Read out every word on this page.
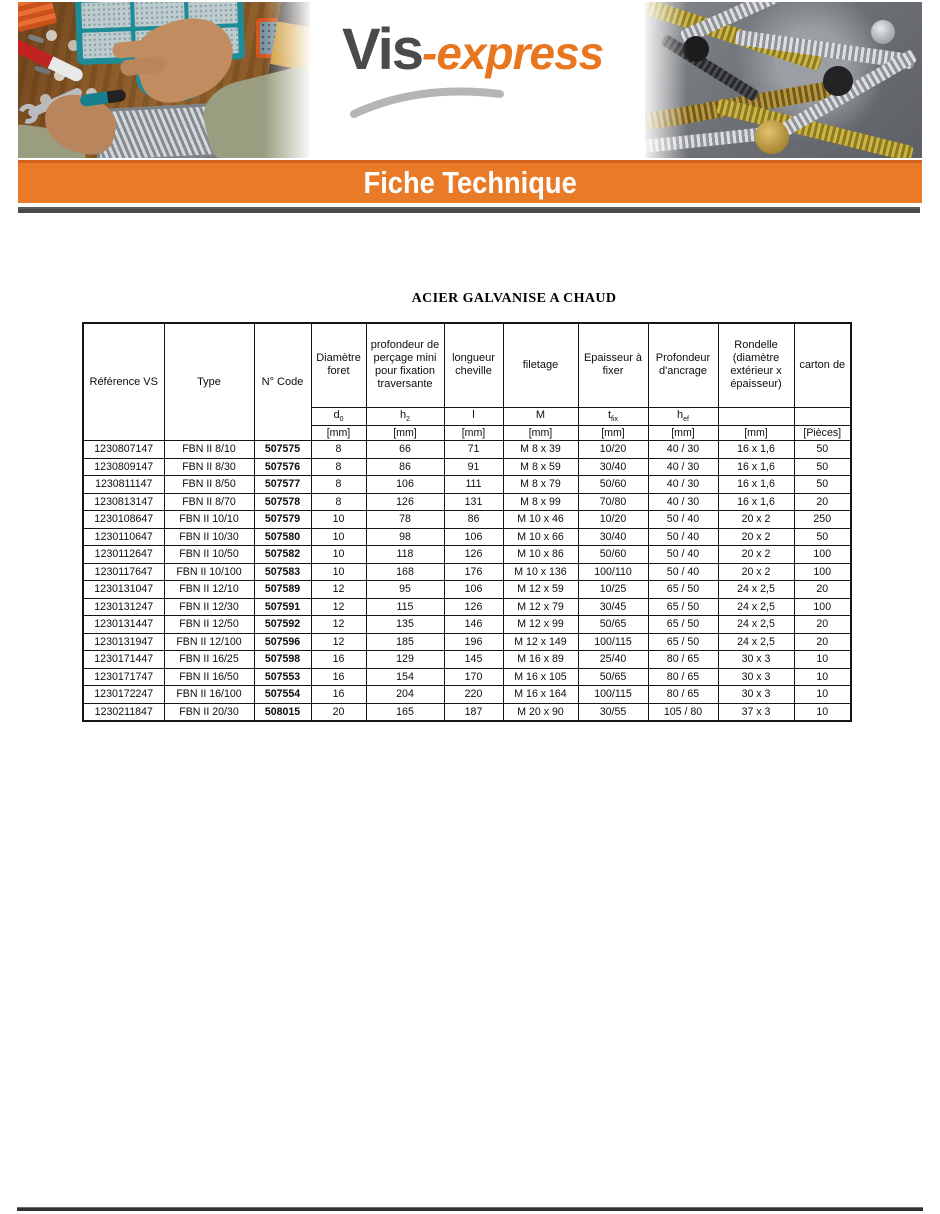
Vis-express
Fiche Technique
ACIER GALVANISE A CHAUD
Référence VS	Type	N° Code	Diamètre foret	profondeur de perçage mini pour fixation traversante	longueur cheville	filetage	Epaisseur à fixer	Profondeur d'ancrage	Rondelle (diamètre extérieur x épaisseur)	carton de
			$d_0$	$h_2$	l	M	$t_{fix}$	$h_{ef}$		
			[mm]	[mm]	[mm]	[mm]	[mm]	[mm]	[mm]	[Pièces]
1230807147	FBN II 8/10	507575	8	66	71	M 8 x 39	10/20	40 / 30	16 x 1,6	50
1230809147	FBN II 8/30	507576	8	86	91	M 8 x 59	30/40	40 / 30	16 x 1,6	50
1230811147	FBN II 8/50	507577	8	106	111	M 8 x 79	50/60	40 / 30	16 x 1,6	50
1230813147	FBN II 8/70	507578	8	126	131	M 8 x 99	70/80	40 / 30	16 x 1,6	20
1230108647	FBN II 10/10	507579	10	78	86	M 10 x 46	10/20	50 / 40	20 x 2	250
1230110647	FBN II 10/30	507580	10	98	106	M 10 x 66	30/40	50 / 40	20 x 2	50
1230112647	FBN II 10/50	507582	10	118	126	M 10 x 86	50/60	50 / 40	20 x 2	100
1230117647	FBN II 10/100	507583	10	168	176	M 10 x 136	100/110	50 / 40	20 x 2	100
1230131047	FBN II 12/10	507589	12	95	106	M 12 x 59	10/25	65 / 50	24 x 2,5	20
1230131247	FBN II 12/30	507591	12	115	126	M 12 x 79	30/45	65 / 50	24 x 2,5	100
1230131447	FBN II 12/50	507592	12	135	146	M 12 x 99	50/65	65 / 50	24 x 2,5	20
1230131947	FBN II 12/100	507596	12	185	196	M 12 x 149	100/115	65 / 50	24 x 2,5	20
1230171447	FBN II 16/25	507598	16	129	145	M 16 x 89	25/40	80 / 65	30 x 3	10
1230171747	FBN II 16/50	507553	16	154	170	M 16 x 105	50/65	80 / 65	30 x 3	10
1230172247	FBN II 16/100	507554	16	204	220	M 16 x 164	100/115	80 / 65	30 x 3	10
1230211847	FBN II 20/30	508015	20	165	187	M 20 x 90	30/55	105 / 80	37 x 3	10
